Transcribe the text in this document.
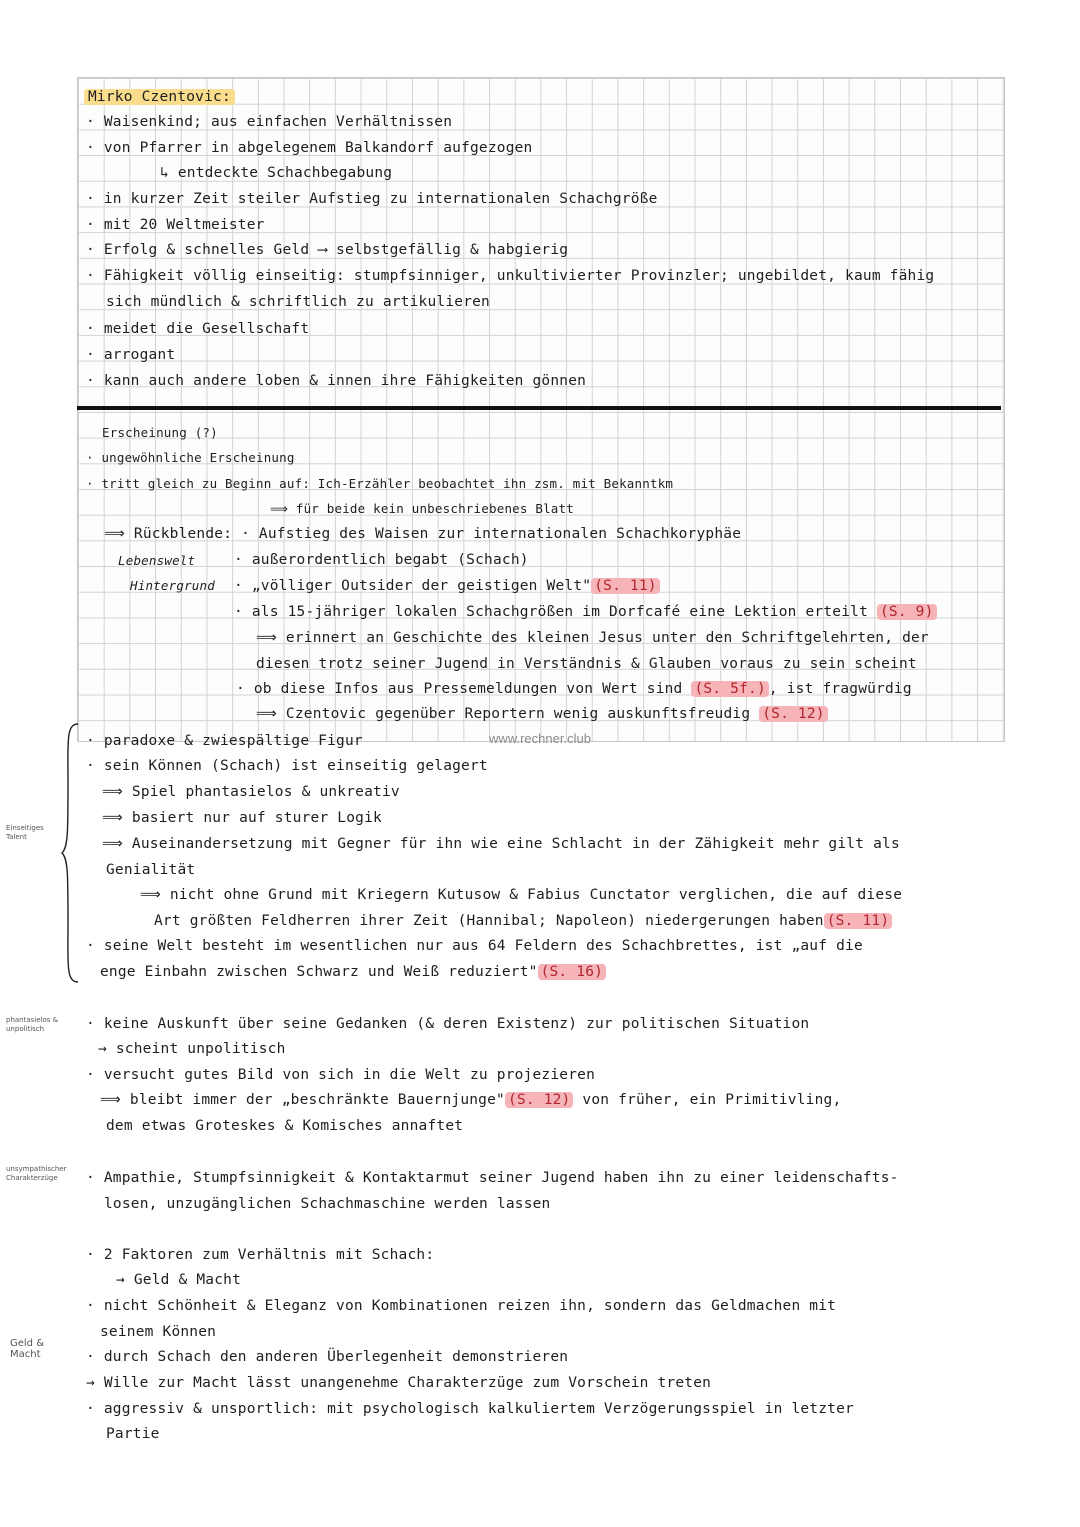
Mirko Czentovic:
· Waisenkind; aus einfachen Verhältnissen
· von Pfarrer in abgelegenem Balkandorf aufgezogen
↳ entdeckte Schachbegabung
· in kurzer Zeit steiler Aufstieg zu internationalen Schachgröße
· mit 20 Weltmeister
· Erfolg & schnelles Geld ⟶ selbstgefällig & habgierig
· Fähigkeit völlig einseitig: stumpfsinniger, unkultivierter Provinzler; ungebildet, kaum fähig
sich mündlich & schriftlich zu artikulieren
· meidet die Gesellschaft
· arrogant
· kann auch andere loben & innen ihre Fähigkeiten gönnen
Erscheinung (?)
· ungewöhnliche Erscheinung
· tritt gleich zu Beginn auf: Ich-Erzähler beobachtet ihn zsm. mit Bekanntkm
⟹ für beide kein unbeschriebenes Blatt
⟹ Rückblende: · Aufstieg des Waisen zur internationalen Schachkoryphäe
Lebenswelt	· außerordentlich begabt (Schach)
Hintergrund · „völliger Outsider der geistigen Welt" (S. 11)
· als 15-jähriger lokalen Schachgrößen im Dorfcafé eine Lektion erteilt (S. 9)
⟹ erinnert an Geschichte des kleinen Jesus unter den Schriftgelehrten, der
diesen trotz seiner Jugend in Verständnis & Glauben voraus zu sein scheint
· ob diese Infos aus Pressemeldungen von Wert sind (S. 5f.) , ist fragwürdig
⟹ Czentovic gegenüber Reportern wenig auskunftsfreudig (S. 12)
· paradoxe & zwiespältige Figur
· sein Können (Schach) ist einseitig gelagert
⟹ Spiel phantasielos & unkreativ
⟹ basiert nur auf sturer Logik
⟹ Auseinandersetzung mit Gegner für ihn wie eine Schlacht in der Zähigkeit mehr gilt als
Genialität
⟹ nicht ohne Grund mit Kriegern Kutusow & Fabius Cunctator verglichen, die auf diese
Art größten Feldherren ihrer Zeit (Hannibal; Napoleon) niedergerungen haben (S. 11)
· seine Welt besteht im wesentlichen nur aus 64 Feldern des Schachbrettes, ist „auf die
enge Einbahn zwischen Schwarz und Weiß reduziert" (S. 16)
· keine Auskunft über seine Gedanken (& deren Existenz) zur politischen Situation
→ scheint unpolitisch
· versucht gutes Bild von sich in die Welt zu projezieren
⟹ bleibt immer der „beschränkte Bauernjunge" (S. 12) von früher, ein Primitivling,
dem etwas Groteskes & Komisches annaftet
· Ampathie, Stumpfsinnigkeit & Kontaktarmut seiner Jugend haben ihn zu einer leidenschafts-
losen, unzugänglichen Schachmaschine werden lassen
· 2 Faktoren zum Verhältnis mit Schach:
→ Geld & Macht
· nicht Schönheit & Eleganz von Kombinationen reizen ihn, sondern das Geldmachen mit
seinem Können
· durch Schach den anderen Überlegenheit demonstrieren
→ Wille zur Macht lässt unangenehme Charakterzüge zum Vorschein treten
· aggressiv & unsportlich: mit psychologisch kalkuliertem Verzögerungsspiel in letzter
Partie
Einseitiges Talent
phantasielos & unpolitisch
unsympathischer Charakterzüge
Geld & Macht
www.rechner.club
